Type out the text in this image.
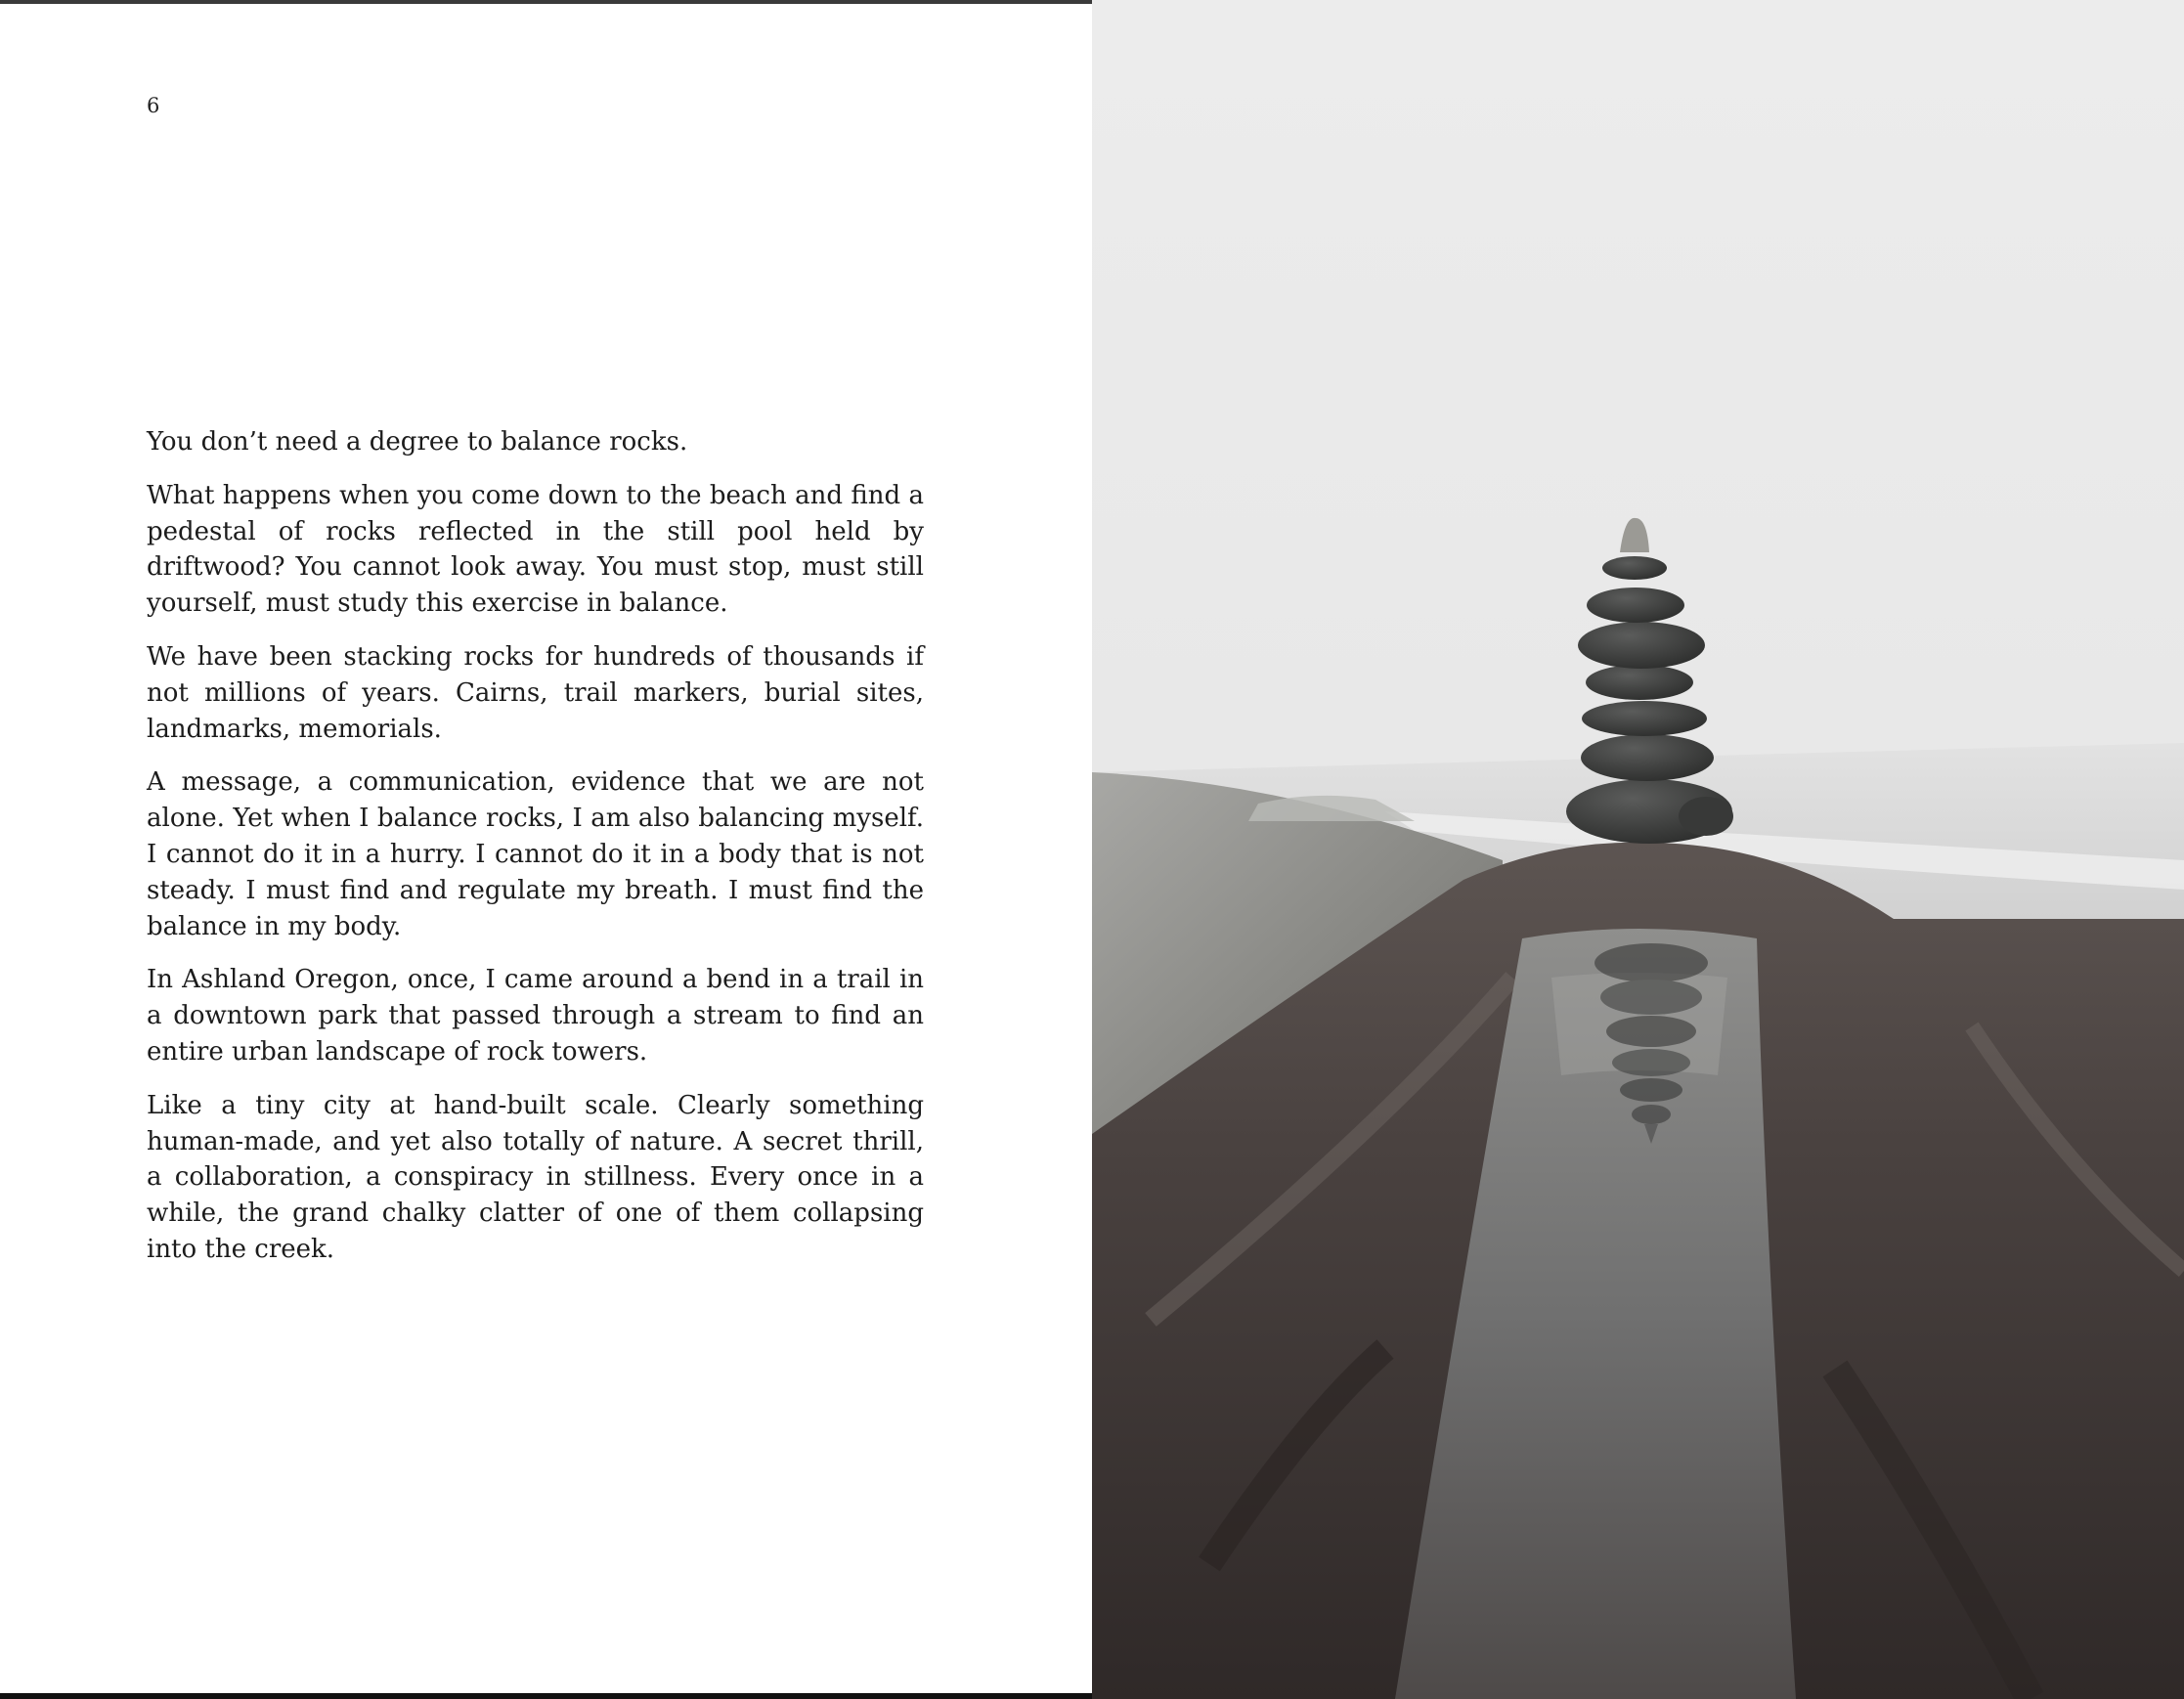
6

You don’t need a degree to balance rocks.

What happens when you come down to the beach and find a pedestal of rocks reflected in the still pool held by driftwood? You cannot look away. You must stop, must still yourself, must study this exercise in balance.

We have been stacking rocks for hundreds of thousands if not millions of years. Cairns, trail markers, burial sites, landmarks, memorials.

A message, a communication, evidence that we are not alone. Yet when I balance rocks, I am also balancing myself. I cannot do it in a hurry. I cannot do it in a body that is not steady. I must find and regulate my breath. I must find the balance in my body.

In Ashland Oregon, once, I came around a bend in a trail in a downtown park that passed through a stream to find an entire urban landscape of rock towers.

Like a tiny city at hand-built scale. Clearly something human-made, and yet also totally of nature. A secret thrill, a collaboration, a conspiracy in stillness. Every once in a while, the grand chalky clatter of one of them collapsing into the creek.
